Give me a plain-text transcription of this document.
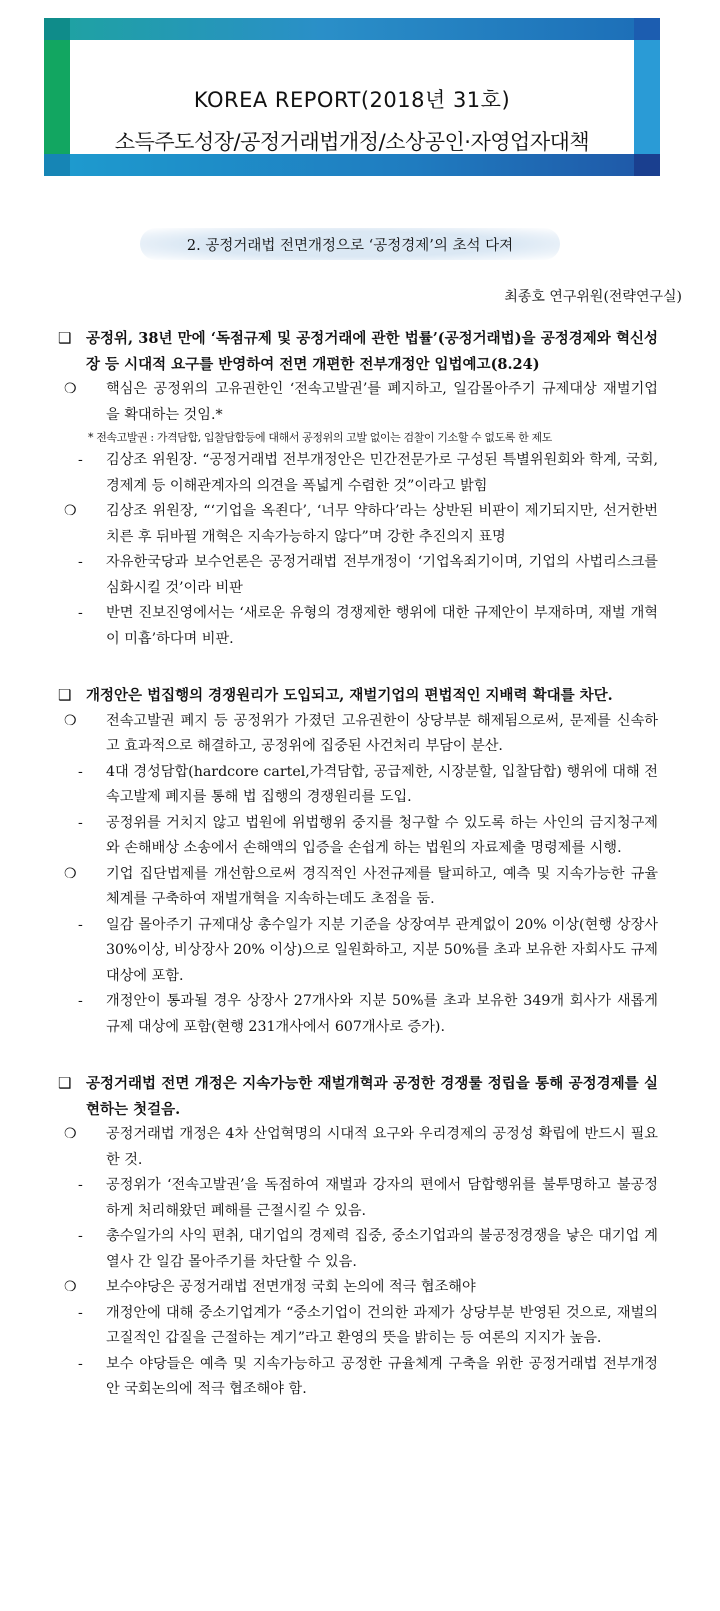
KOREA REPORT(2018년 31호)
소득주도성장/공정거래법개정/소상공인·자영업자대책
2. 공정거래법 전면개정으로 ‘공정경제’의 초석 다져
최종호 연구위원(전략연구실)
❑ 공정위, 38년 만에 ‘독점규제 및 공정거래에 관한 법률’(공정거래법)을 공정경제와 혁신성장 등 시대적 요구를 반영하여 전면 개편한 전부개정안 입법예고(8.24)
❍ 핵심은 공정위의 고유권한인 ‘전속고발권’를 폐지하고, 일감몰아주기 규제대상 재벌기업을 확대하는 것임.*
* 전속고발권 : 가격담합, 입찰담합등에 대해서 공정위의 고발 없이는 검찰이 기소할 수 없도록 한 제도
- 김상조 위원장. “공정거래법 전부개정안은 민간전문가로 구성된 특별위원회와 학계, 국회, 경제계 등 이해관계자의 의견을 폭넓게 수렴한 것”이라고 밝힘
❍ 김상조 위원장, “‘기업을 옥죈다’, ‘너무 약하다’라는 상반된 비판이 제기되지만, 선거한번 치른 후 뒤바뀔 개혁은 지속가능하지 않다”며 강한 추진의지 표명
- 자유한국당과 보수언론은 공정거래법 전부개정이 ‘기업옥죄기이며, 기업의 사법리스크를 심화시킬 것’이라 비판
- 반면 진보진영에서는 ‘새로운 유형의 경쟁제한 행위에 대한 규제안이 부재하며, 재벌 개혁이 미흡’하다며 비판.
❑ 개정안은 법집행의 경쟁원리가 도입되고, 재벌기업의 편법적인 지배력 확대를 차단.
❍ 전속고발권 폐지 등 공정위가 가졌던 고유권한이 상당부분 해제됨으로써, 문제를 신속하고 효과적으로 해결하고, 공정위에 집중된 사건처리 부담이 분산.
- 4대 경성담합(hardcore cartel,가격담합, 공급제한, 시장분할, 입찰담합) 행위에 대해 전속고발제 폐지를 통해 법 집행의 경쟁원리를 도입.
- 공정위를 거치지 않고 법원에 위법행위 중지를 청구할 수 있도록 하는 사인의 금지청구제와 손해배상 소송에서 손해액의 입증을 손쉽게 하는 법원의 자료제출 명령제를 시행.
❍ 기업 집단법제를 개선함으로써 경직적인 사전규제를 탈피하고, 예측 및 지속가능한 규율체계를 구축하여 재벌개혁을 지속하는데도 초점을 둠.
- 일감 몰아주기 규제대상 총수일가 지분 기준을 상장여부 관계없이 20% 이상(현행 상장사 30%이상, 비상장사 20% 이상)으로 일원화하고, 지분 50%를 초과 보유한 자회사도 규제대상에 포함.
- 개정안이 통과될 경우 상장사 27개사와 지분 50%를 초과 보유한 349개 회사가 새롭게 규제 대상에 포함(현행 231개사에서 607개사로 증가).
❑ 공정거래법 전면 개정은 지속가능한 재벌개혁과 공정한 경쟁룰 정립을 통해 공정경제를 실현하는 첫걸음.
❍ 공정거래법 개정은 4차 산업혁명의 시대적 요구와 우리경제의 공정성 확립에 반드시 필요한 것.
- 공정위가 ‘전속고발권’을 독점하여 재벌과 강자의 편에서 담합행위를 불투명하고 불공정하게 처리해왔던 폐해를 근절시킬 수 있음.
- 총수일가의 사익 편취, 대기업의 경제력 집중, 중소기업과의 불공정경쟁을 낳은 대기업 계열사 간 일감 몰아주기를 차단할 수 있음.
❍ 보수야당은 공정거래법 전면개정 국회 논의에 적극 협조해야
- 개정안에 대해 중소기업계가 “중소기업이 건의한 과제가 상당부분 반영된 것으로, 재벌의 고질적인 갑질을 근절하는 계기”라고 환영의 뜻을 밝히는 등 여론의 지지가 높음.
- 보수 야당들은 예측 및 지속가능하고 공정한 규율체계 구축을 위한 공정거래법 전부개정안 국회논의에 적극 협조해야 함.
